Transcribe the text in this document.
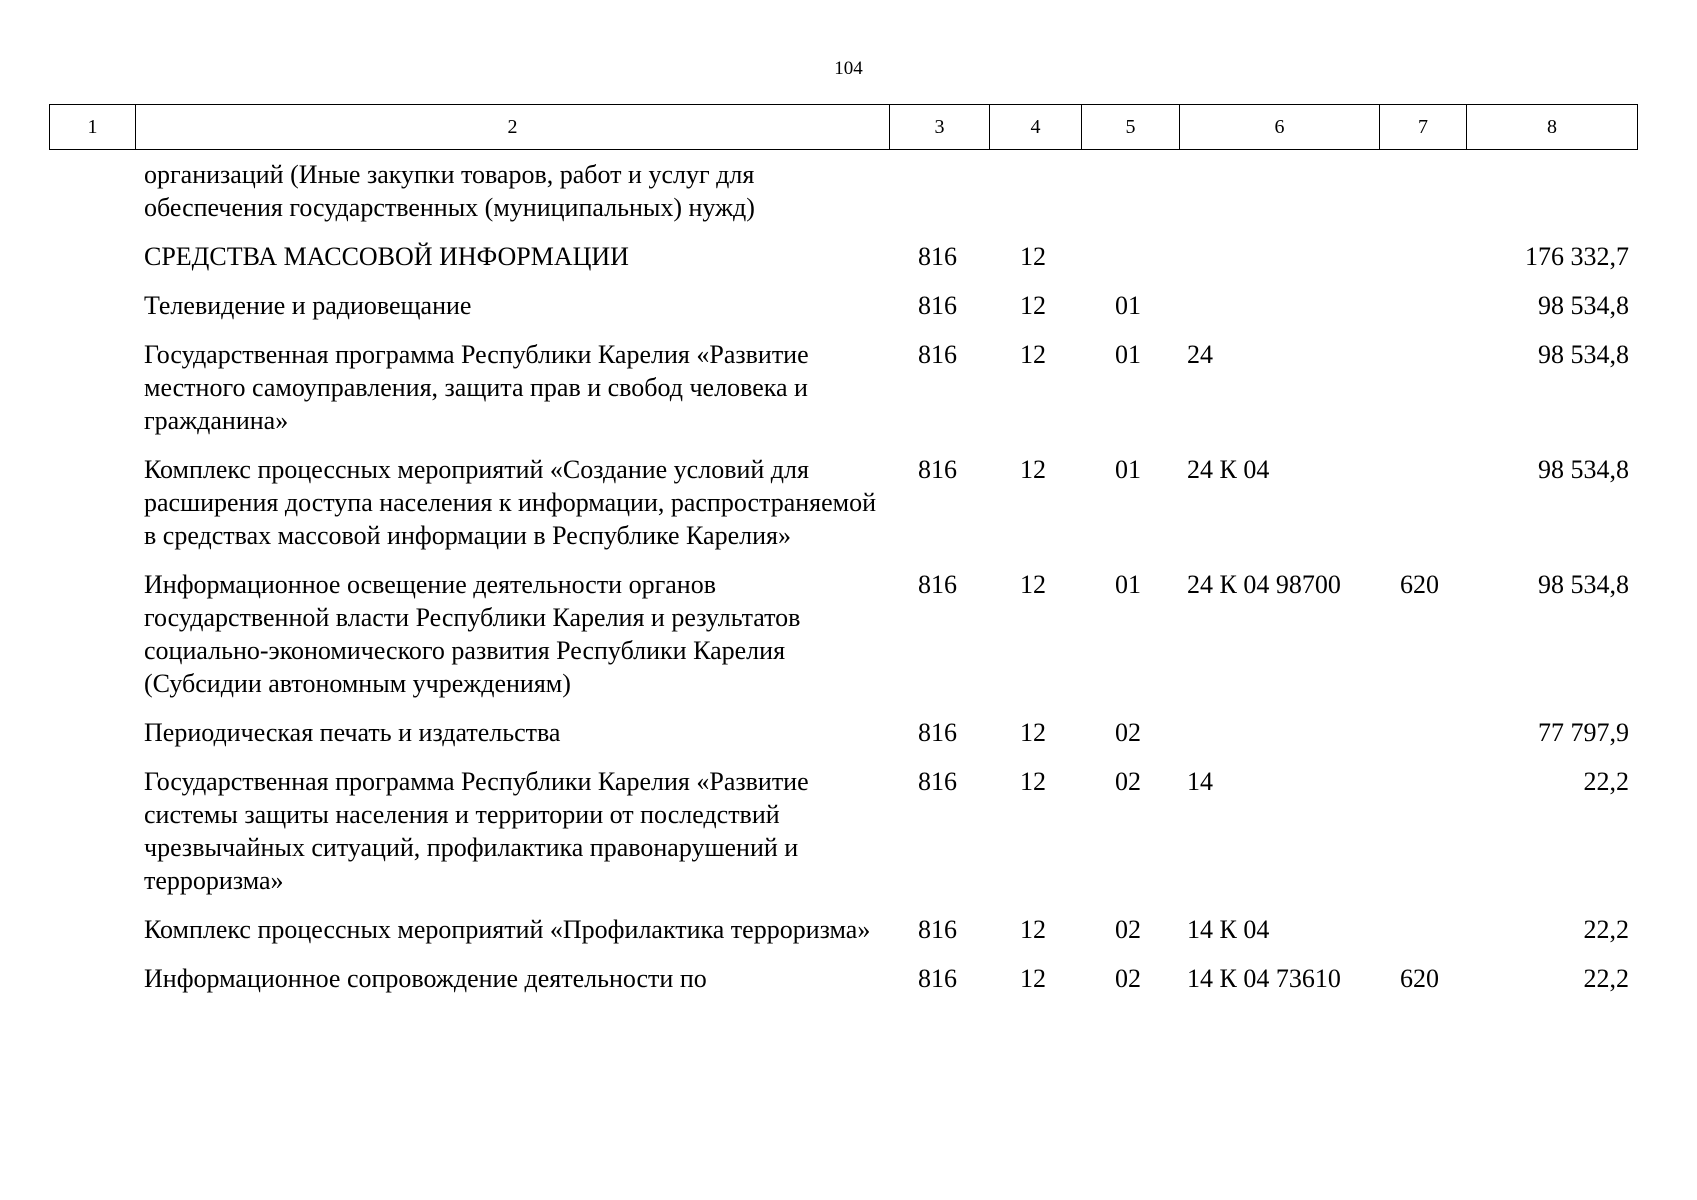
104
1	2	3	4	5	6	7	8
	организаций (Иные закупки товаров, работ и услуг для обеспечения государственных (муниципальных) нужд)						
	СРЕДСТВА МАССОВОЙ ИНФОРМАЦИИ	816	12				176 332,7
	Телевидение и радиовещание	816	12	01			98 534,8
	Государственная программа Республики Карелия «Развитие местного самоуправления, защита прав и свобод человека и гражданина»	816	12	01	24		98 534,8
	Комплекс процессных мероприятий «Создание условий для расширения доступа населения к информации, распространяемой в средствах массовой информации в Республике Карелия»	816	12	01	24 К 04		98 534,8
	Информационное освещение деятельности органов государственной власти Республики Карелия и результатов социально-экономического развития Республики Карелия (Субсидии автономным учреждениям)	816	12	01	24 К 04 98700	620	98 534,8
	Периодическая печать и издательства	816	12	02			77 797,9
	Государственная программа Республики Карелия «Развитие системы защиты населения и территории от последствий чрезвычайных ситуаций, профилактика правонарушений и терроризма»	816	12	02	14		22,2
	Комплекс процессных мероприятий «Профилактика терроризма»	816	12	02	14 К 04		22,2
	Информационное сопровождение деятельности по	816	12	02	14 К 04 73610	620	22,2
